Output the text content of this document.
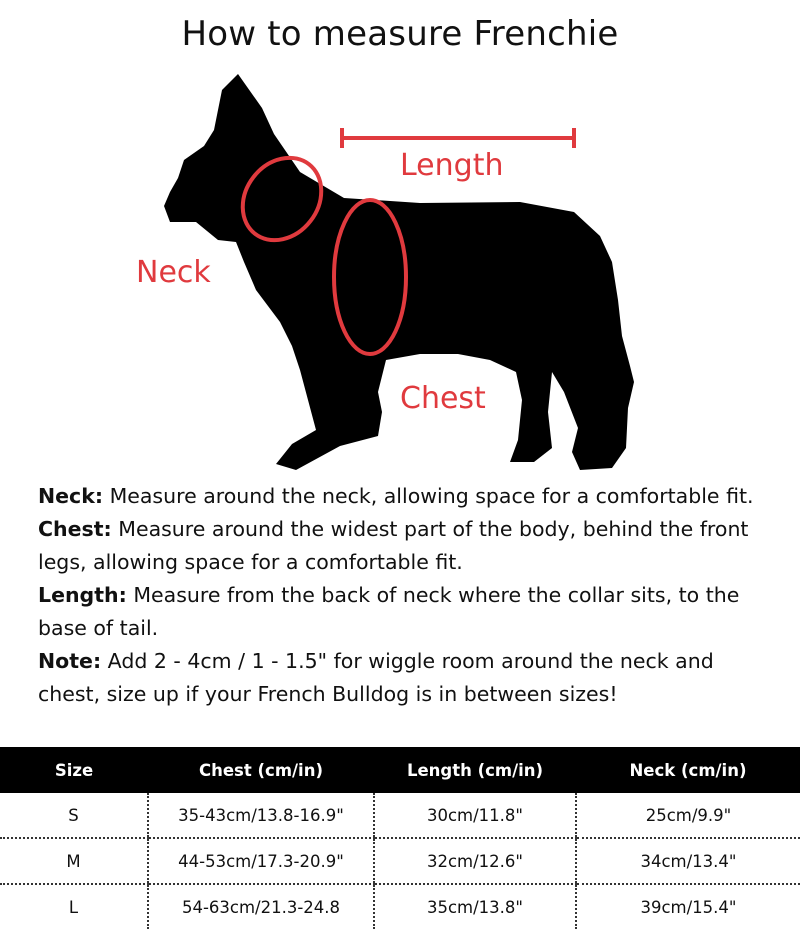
How to measure Frenchie
Length
Neck
Chest

Neck: Measure around the neck, allowing space for a comfortable fit.

Chest: Measure around the widest part of the body, behind the front legs, allowing space for a comfortable fit.

Length: Measure from the back of neck where the collar sits, to the base of tail.

Note: Add 2 - 4cm / 1 - 1.5" for wiggle room around the neck and chest, size up if your French Bulldog is in between sizes!

Size	Chest (cm/in)	Length (cm/in)	Neck (cm/in)
S	35-43cm/13.8-16.9"	30cm/11.8"	25cm/9.9"
M	44-53cm/17.3-20.9"	32cm/12.6"	34cm/13.4"
L	54-63cm/21.3-24.8	35cm/13.8"	39cm/15.4"
